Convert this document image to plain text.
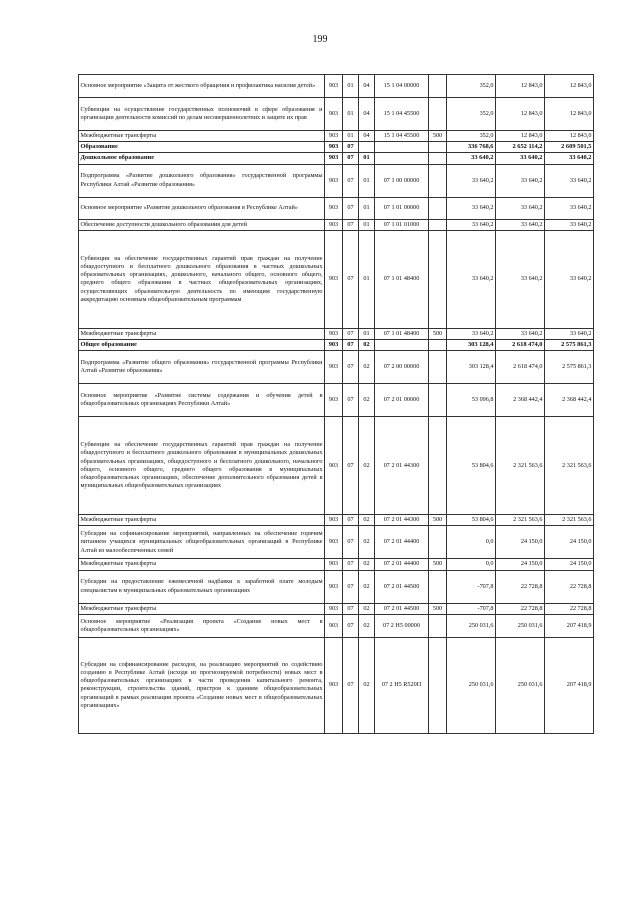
199
Основное мероприятие «Защита от жесткого обращения и профилактика насилия детей»	903	01	04	15 1 04 00000		352,0	12 843,0	12 843,0
Субвенции на осуществление государственных полномочий в сфере образования и организации деятельности комиссий по делам несовершеннолетних и защите их прав	903	01	04	15 1 04 45500		352,0	12 843,0	12 843,0
Межбюджетные трансферты	903	01	04	15 1 04 45500	500	352,0	12 843,0	12 843,0
Образование	903	07				336 768,6	2 652 114,2	2 609 501,5
Дошкольное образование	903	07	01			33 640,2	33 640,2	33 640,2
Подпрограмма «Развитие дошкольного образования» государственной программы Республики Алтай «Развитие образования»	903	07	01	07 1 00 00000		33 640,2	33 640,2	33 640,2
Основное мероприятие «Развитие дошкольного образования в Республике Алтай»	903	07	01	07 1 01 00000		33 640,2	33 640,2	33 640,2
Обеспечение доступности дошкольного образования для детей	903	07	01	07 1 01 01000		33 640,2	33 640,2	33 640,2
Субвенции на обеспечение государственных гарантий прав граждан на получение общедоступного и бесплатного дошкольного образования в частных дошкольных образовательных организациях, дошкольного, начального общего, основного общего, среднего общего образования в частных общеобразовательных организациях, осуществляющих образовательную деятельность по имеющим государственную аккредитацию основным общеобразовательным программам	903	07	01	07 1 01 48400		33 640,2	33 640,2	33 640,2
Межбюджетные трансферты	903	07	01	07 1 01 48400	500	33 640,2	33 640,2	33 640,2
Общее образование	903	07	02			303 128,4	2 618 474,0	2 575 861,3
Подпрограмма «Развитие общего образования» государственной программы Республики Алтай «Развитие образования»	903	07	02	07 2 00 00000		303 128,4	2 618 474,0	2 575 861,3
Основное мероприятие «Развитие системы содержания и обучения детей в общеобразовательных организациях Республики Алтай»	903	07	02	07 2 01 00000		53 096,8	2 368 442,4	2 368 442,4
Субвенции на обеспечение государственных гарантий прав граждан на получение общедоступного и бесплатного дошкольного образования в муниципальных дошкольных образовательных организациях, общедоступного и бесплатного дошкольного, начального общего, основного общего, среднего общего образования в муниципальных общеобразовательных организациях, обеспечение дополнительного образования детей в муниципальных общеобразовательных организациях	903	07	02	07 2 01 44300		53 804,6	2 321 563,6	2 321 563,6
Межбюджетные трансферты	903	07	02	07 2 01 44300	500	53 804,6	2 321 563,6	2 321 563,6
Субсидии на софинансирование мероприятий, направленных на обеспечение горячим питанием учащихся муниципальных общеобразовательных организаций в Республике Алтай из малообеспеченных семей	903	07	02	07 2 01 44400		0,0	24 150,0	24 150,0
Межбюджетные трансферты	903	07	02	07 2 01 44400	500	0,0	24 150,0	24 150,0
Субсидии на предоставление ежемесячной надбавки к заработной плате молодым специалистам в муниципальных образовательных организациях	903	07	02	07 2 01 44500		-707,8	22 728,8	22 728,8
Межбюджетные трансферты	903	07	02	07 2 01 44500	500	-707,8	22 728,8	22 728,8
Основное мероприятие «Реализация проекта «Создание новых мест в общеобразовательных организациях»	903	07	02	07 2 H5 00000		250 031,6	250 031,6	207 418,9
Субсидии на софинансирование расходов, на реализацию мероприятий по содействию созданию в Республике Алтай (исходя из прогнозируемой потребности) новых мест в общеобразовательных организациях в части проведения капитального ремонта, реконструкции, строительства зданий, пристроя к зданиям общеобразовательных организаций в рамках реализации проекта «Создание новых мест в общеобразовательных организациях»	903	07	02	07 2 H5 R520П		250 031,6	250 031,6	207 418,9
